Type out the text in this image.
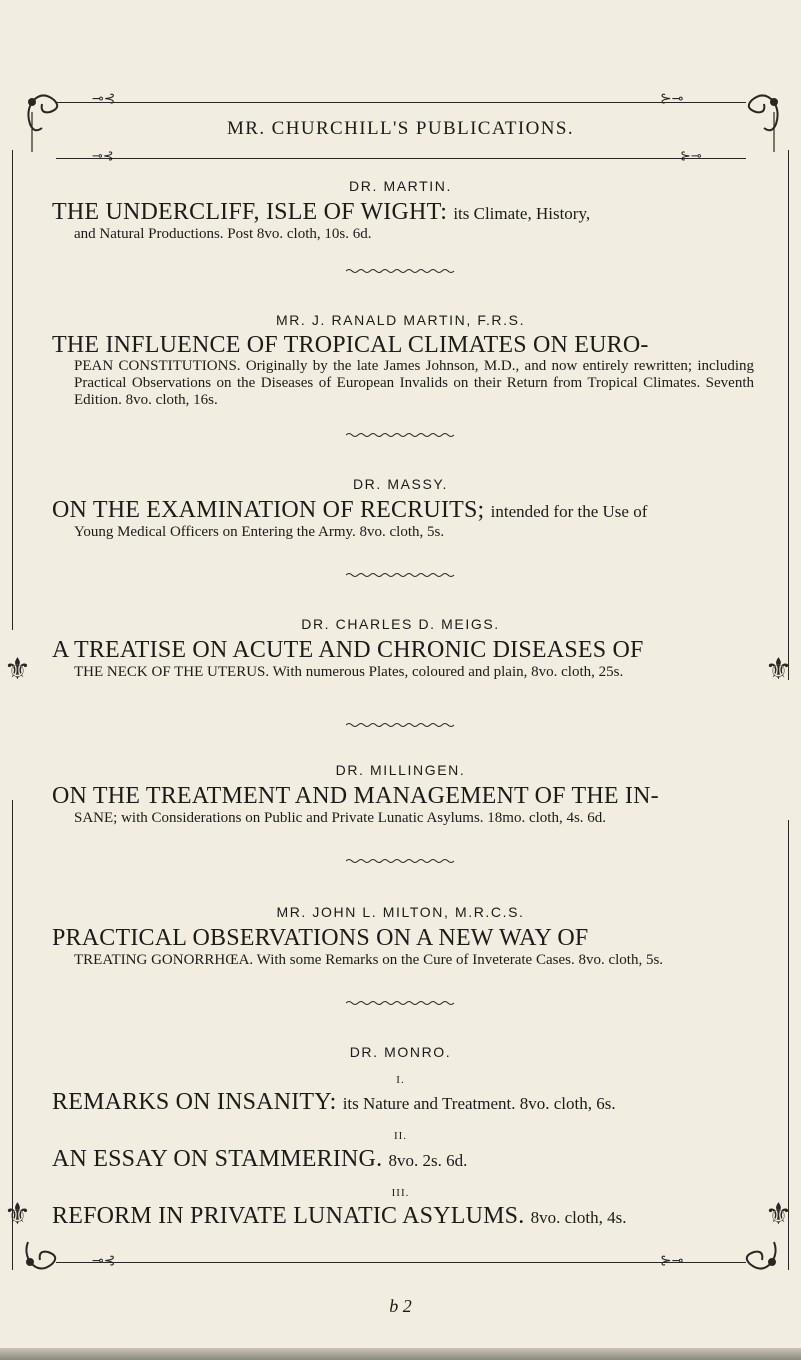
⊸⊰	⊱⊸
⊸⊰	⊱⊸
⚜	⚜
⚜	⚜
MR. CHURCHILL'S PUBLICATIONS.
DR. MARTIN.
THE UNDERCLIFF, ISLE OF WIGHT: its Climate, History,
and Natural Productions. Post 8vo. cloth, 10s. 6d.
MR. J. RANALD MARTIN, F.R.S.
THE INFLUENCE OF TROPICAL CLIMATES ON EURO-
PEAN CONSTITUTIONS. Originally by the late James Johnson, M.D., and now entirely rewritten; including Practical Observations on the Diseases of European Invalids on their Return from Tropical Climates. Seventh Edition. 8vo. cloth, 16s.
DR. MASSY.
ON THE EXAMINATION OF RECRUITS; intended for the Use of
Young Medical Officers on Entering the Army. 8vo. cloth, 5s.
DR. CHARLES D. MEIGS.
A TREATISE ON ACUTE AND CHRONIC DISEASES OF
THE NECK OF THE UTERUS. With numerous Plates, coloured and plain, 8vo. cloth, 25s.
DR. MILLINGEN.
ON THE TREATMENT AND MANAGEMENT OF THE IN-
SANE; with Considerations on Public and Private Lunatic Asylums. 18mo. cloth, 4s. 6d.
MR. JOHN L. MILTON, M.R.C.S.
PRACTICAL OBSERVATIONS ON A NEW WAY OF
TREATING GONORRHŒA. With some Remarks on the Cure of Inveterate Cases. 8vo. cloth, 5s.
DR. MONRO.
I.
REMARKS ON INSANITY: its Nature and Treatment. 8vo. cloth, 6s.
II.
AN ESSAY ON STAMMERING. 8vo. 2s. 6d.
III.
REFORM IN PRIVATE LUNATIC ASYLUMS. 8vo. cloth, 4s.
⊸⊰	⊱⊸
b 2
